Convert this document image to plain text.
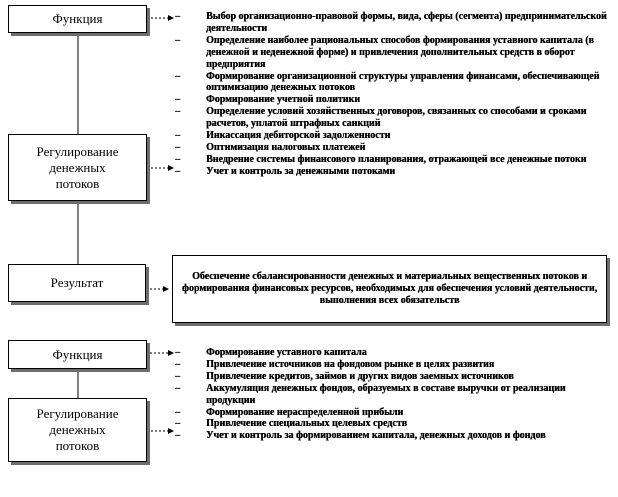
Функция
Регулирование
денежных
потоков
–	Выбор организационно-правовой формы, вида, сферы (сегмента) предпринимательской деятельности
–	Определение наиболее рациональных способов формирования уставного капитала (в денежной и неденежной форме) и привлечения дополнительных средств в оборот предприятия
–	Формирование организационной структуры управления финансами, обеспечивающей оптимизацию денежных потоков
–	Формирование учетной политики
–	Определение условий хозяйственных договоров, связанных со способами и сроками расчетов, уплатой штрафных санкций
–	Инкассация дебиторской задолженности
–	Оптимизация налоговых платежей
–	Внедрение системы финансового планирования, отражающей все денежные потоки
–	Учет и контроль за денежными потоками
Результат	Обеспечение сбалансированности денежных и материальных вещественных потоков и формирования финансовых ресурсов, необходимых для обеспечения условий деятельности, выполнения всех обязательств
Функция
Регулирование
денежных
потоков
–	Формирование уставного капитала
–	Привлечение источников на фондовом рынке в целях развития
–	Привлечение кредитов, займов и других видов заемных источников
–	Аккумуляция денежных фондов, образуемых в составе выручки от реализации продукции
–	Формирование нераспределенной прибыли
–	Привлечение специальных целевых средств
–	Учет и контроль за формированием капитала, денежных доходов и фондов
